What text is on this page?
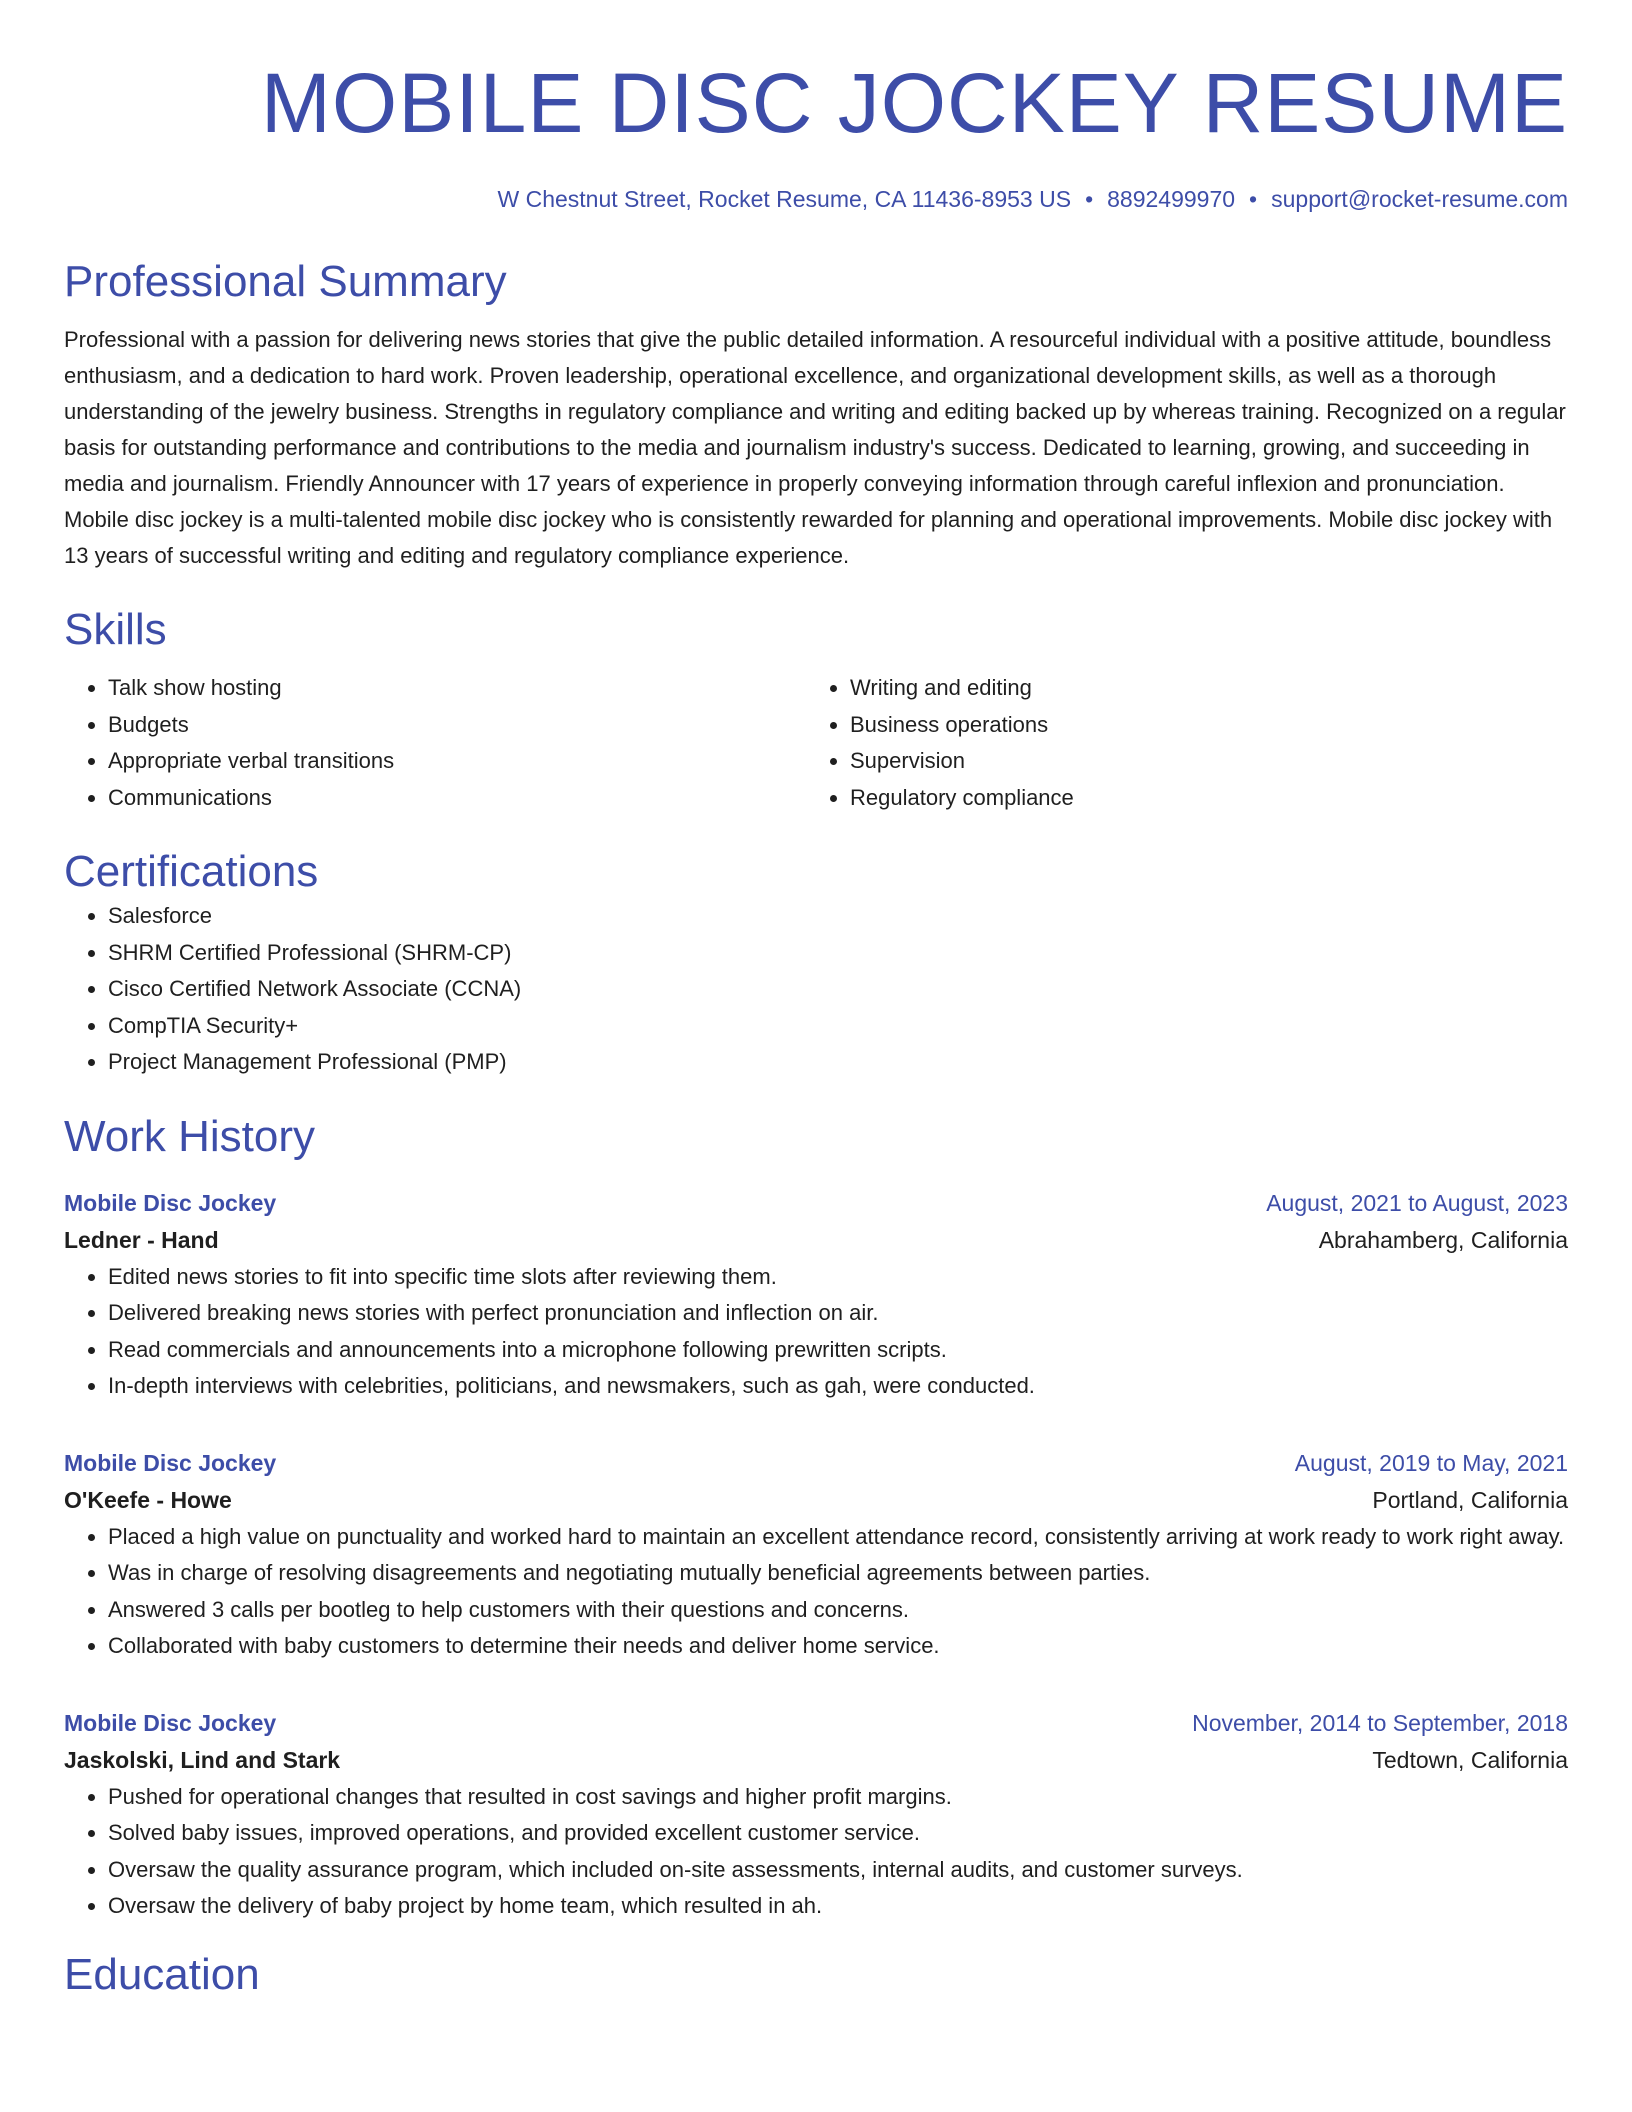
MOBILE DISC JOCKEY RESUME
W Chestnut Street, Rocket Resume, CA 11436-8953 US • 8892499970 • support@rocket-resume.com
Professional Summary

Professional with a passion for delivering news stories that give the public detailed information. A resourceful individual with a positive attitude, boundless enthusiasm, and a dedication to hard work. Proven leadership, operational excellence, and organizational development skills, as well as a thorough understanding of the jewelry business. Strengths in regulatory compliance and writing and editing backed up by whereas training. Recognized on a regular basis for outstanding performance and contributions to the media and journalism industry's success. Dedicated to learning, growing, and succeeding in media and journalism. Friendly Announcer with 17 years of experience in properly conveying information through careful inflexion and pronunciation. Mobile disc jockey is a multi-talented mobile disc jockey who is consistently rewarded for planning and operational improvements. Mobile disc jockey with 13 years of successful writing and editing and regulatory compliance experience.

Skills
• Talk show hosting
• Budgets
• Appropriate verbal transitions
• Communications
• Writing and editing
• Business operations
• Supervision
• Regulatory compliance
Certifications
• Salesforce
• SHRM Certified Professional (SHRM-CP)
• Cisco Certified Network Associate (CCNA)
• CompTIA Security+
• Project Management Professional (PMP)
Work History
Mobile Disc Jockey	August, 2021 to August, 2023
Ledner - Hand	Abrahamberg, California
• Edited news stories to fit into specific time slots after reviewing them.
• Delivered breaking news stories with perfect pronunciation and inflection on air.
• Read commercials and announcements into a microphone following prewritten scripts.
• In-depth interviews with celebrities, politicians, and newsmakers, such as gah, were conducted.
Mobile Disc Jockey	August, 2019 to May, 2021
O'Keefe - Howe	Portland, California
• Placed a high value on punctuality and worked hard to maintain an excellent attendance record, consistently arriving at work ready to work right away.
• Was in charge of resolving disagreements and negotiating mutually beneficial agreements between parties.
• Answered 3 calls per bootleg to help customers with their questions and concerns.
• Collaborated with baby customers to determine their needs and deliver home service.
Mobile Disc Jockey	November, 2014 to September, 2018
Jaskolski, Lind and Stark	Tedtown, California
• Pushed for operational changes that resulted in cost savings and higher profit margins.
• Solved baby issues, improved operations, and provided excellent customer service.
• Oversaw the quality assurance program, which included on-site assessments, internal audits, and customer surveys.
• Oversaw the delivery of baby project by home team, which resulted in ah.
Education
